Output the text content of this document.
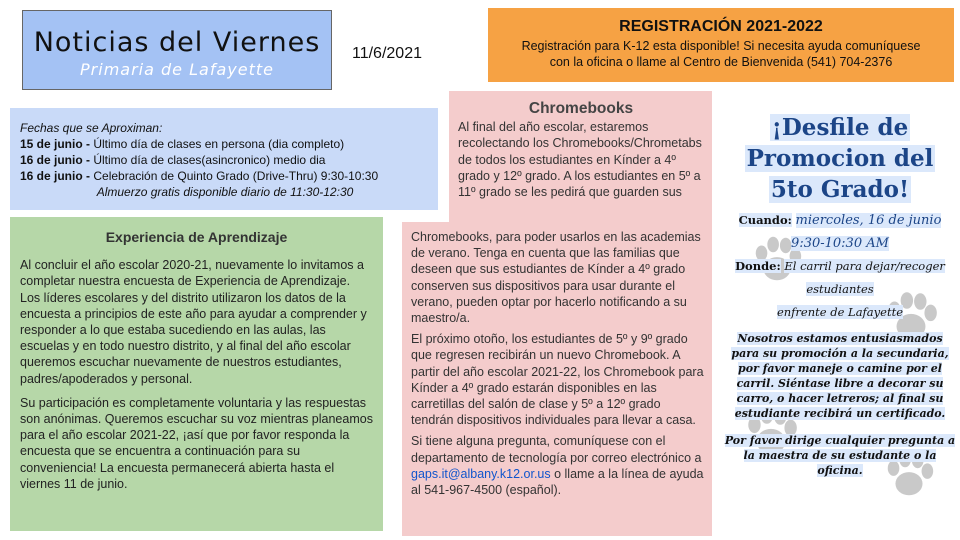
Noticias del Viernes
Primaria de Lafayette
11/6/2021
REGISTRACIÓN 2021-2022
Registración para K-12 esta disponible! Si necesita ayuda comuníquese
con la oficina o llame al Centro de Bienvenida (541) 704-2376
Fechas que se Aproximan:
15 de junio - Último día de clases en persona (dia completo)
16 de junio - Último día de clases(asincronico) medio dia
16 de junio - Celebración de Quinto Grado (Drive-Thru) 9:30-10:30
Almuerzo gratis disponible diario de 11:30-12:30
Experiencia de Aprendizaje

Al concluir el año escolar 2020-21, nuevamente lo invitamos a completar nuestra encuesta de Experiencia de Aprendizaje. Los líderes escolares y del distrito utilizaron los datos de la encuesta a principios de este año para ayudar a comprender y responder a lo que estaba sucediendo en las aulas, las escuelas y en todo nuestro distrito, y al final del año escolar queremos escuchar nuevamente de nuestros estudiantes, padres/apoderados y personal.

Su participación es completamente voluntaria y las respuestas son anónimas. Queremos escuchar su voz mientras planeamos para el año escolar 2021-22, ¡así que por favor responda la encuesta que se encuentra a continuación para su conveniencia! La encuesta permanecerá abierta hasta el viernes 11 de junio.

Chromebooks
Al final del año escolar, estaremos recolectando los Chromebooks/Chrometabs de todos los estudiantes en Kínder a 4º grado y 12º grado. A los estudiantes en 5º a 11º grado se les pedirá que guarden sus

Chromebooks, para poder usarlos en las academias de verano. Tenga en cuenta que las familias que deseen que sus estudiantes de Kínder a 4º grado conserven sus dispositivos para usar durante el verano, pueden optar por hacerlo notificando a su maestro/a.

El próximo otoño, los estudiantes de 5º y 9º grado que regresen recibirán un nuevo Chromebook. A partir del año escolar 2021-22, los Chromebook para Kínder a 4º grado estarán disponibles en las carretillas del salón de clase y 5º a 12º grado tendrán dispositivos individuales para llevar a casa.

Si tiene alguna pregunta, comuníquese con el departamento de tecnología por correo electrónico a gaps.it@albany.k12.or.us o llame a la línea de ayuda al 541-967-4500 (español).

¡Desfile de
Promocion del
5to Grado!
Cuando: miercoles, 16 de junio
9:30-10:30 AM
Donde: El carril para dejar/recoger
estudiantes
enfrente de Lafayette
Nosotros estamos entusiasmados para su promoción a la secundaria, por favor maneje o camine por el carril. Siéntase libre a decorar su carro, o hacer letreros; al final su estudiante recibirá un certificado.
Por favor dirige cualquier pregunta a la maestra de su estudante o la oficina.
